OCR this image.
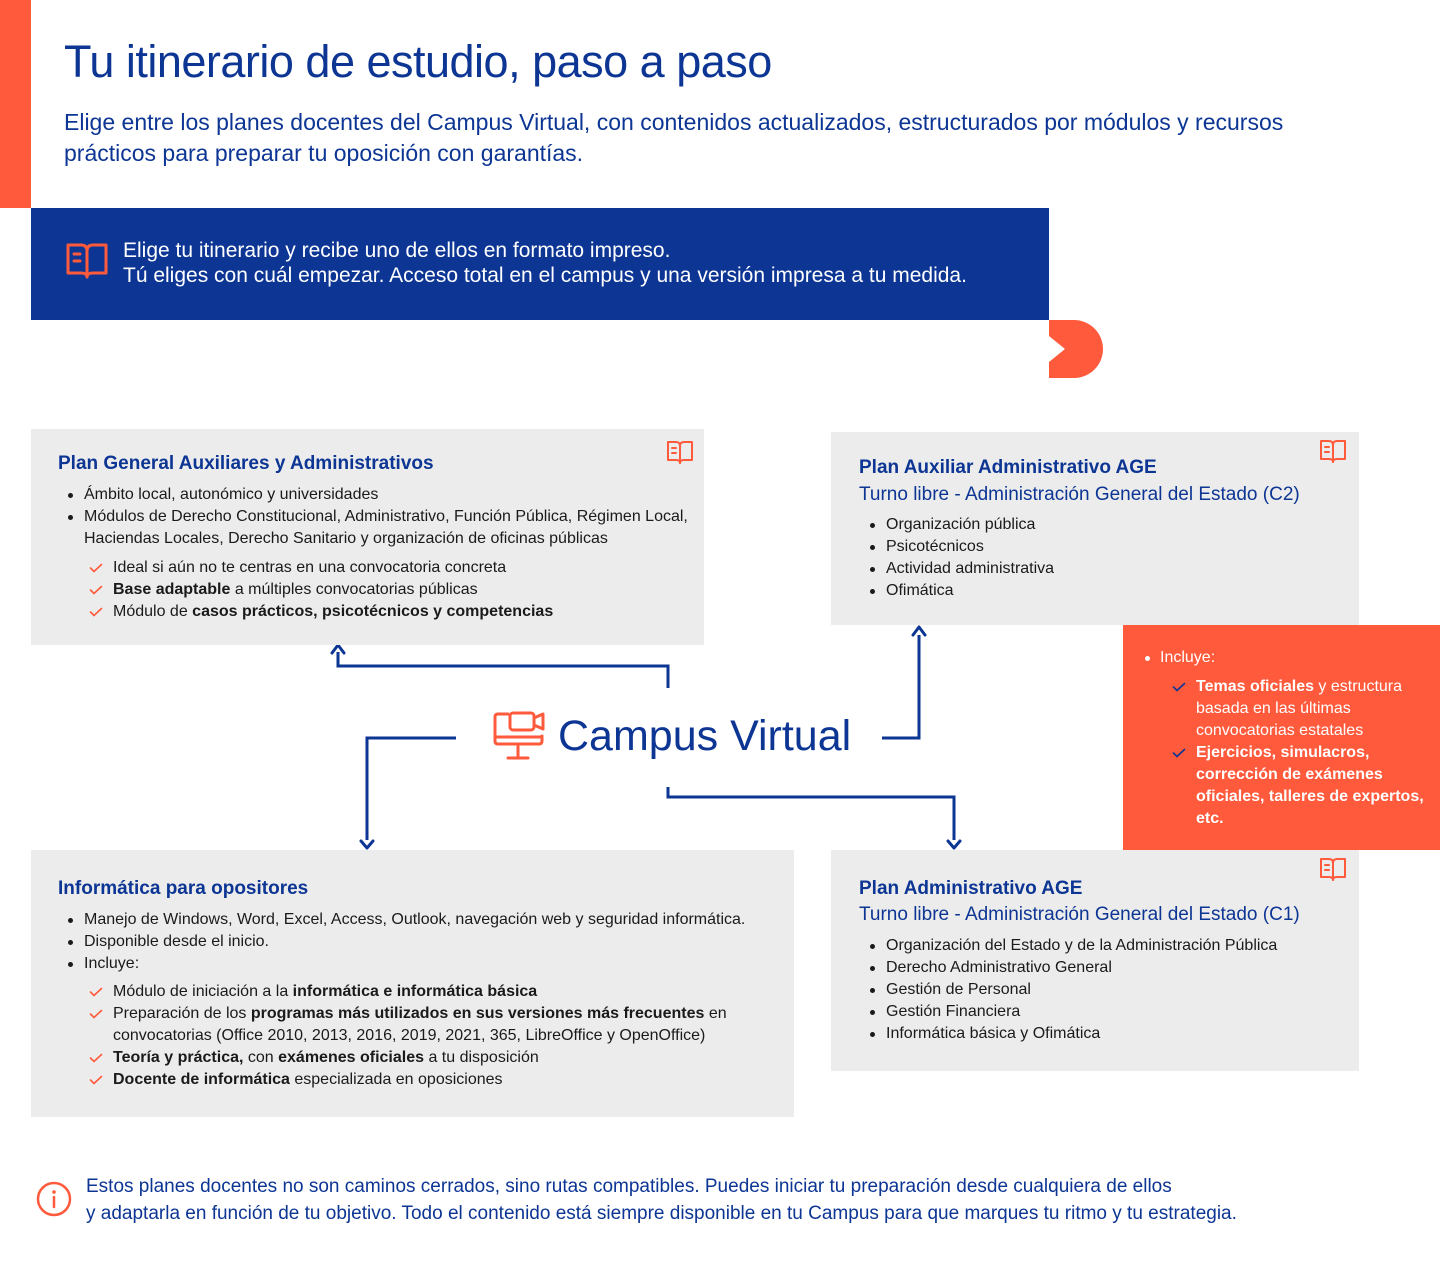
Tu itinerario de estudio, paso a paso

Elige entre los planes docentes del Campus Virtual, con contenidos actualizados, estructurados por módulos y recursos prácticos para preparar tu oposición con garantías.

Elige tu itinerario y recibe uno de ellos en formato impreso.
Tú eliges con cuál empezar. Acceso total en el campus y una versión impresa a tu medida.
Plan General Auxiliares y Administrativos
Ámbito local, autonómico y universidades
Módulos de Derecho Constitucional, Administrativo, Función Pública, Régimen Local, Haciendas Locales, Derecho Sanitario y organización de oficinas públicas
Ideal si aún no te centras en una convocatoria concreta
Base adaptable a múltiples convocatorias públicas
Módulo de casos prácticos, psicotécnicos y competencias
Plan Auxiliar Administrativo AGE
Turno libre - Administración General del Estado (C2)
Organización pública
Psicotécnicos
Actividad administrativa
Ofimática
Incluye:
Temas oficiales y estructura basada en las últimas convocatorias estatales
Ejercicios, simulacros, corrección de exámenes oficiales, talleres de expertos, etc.
Campus Virtual
Informática para opositores
Manejo de Windows, Word, Excel, Access, Outlook, navegación web y seguridad informática.
Disponible desde el inicio.
Incluye:
Módulo de iniciación a la informática e informática básica
Preparación de los programas más utilizados en sus versiones más frecuentes en convocatorias (Office 2010, 2013, 2016, 2019, 2021, 365, LibreOffice y OpenOffice)
Teoría y práctica, con exámenes oficiales a tu disposición
Docente de informática especializada en oposiciones
Plan Administrativo AGE
Turno libre - Administración General del Estado (C1)
Organización del Estado y de la Administración Pública
Derecho Administrativo General
Gestión de Personal
Gestión Financiera
Informática básica y Ofimática
Estos planes docentes no son caminos cerrados, sino rutas compatibles. Puedes iniciar tu preparación desde cualquiera de ellos
y adaptarla en función de tu objetivo. Todo el contenido está siempre disponible en tu Campus para que marques tu ritmo y tu estrategia.
